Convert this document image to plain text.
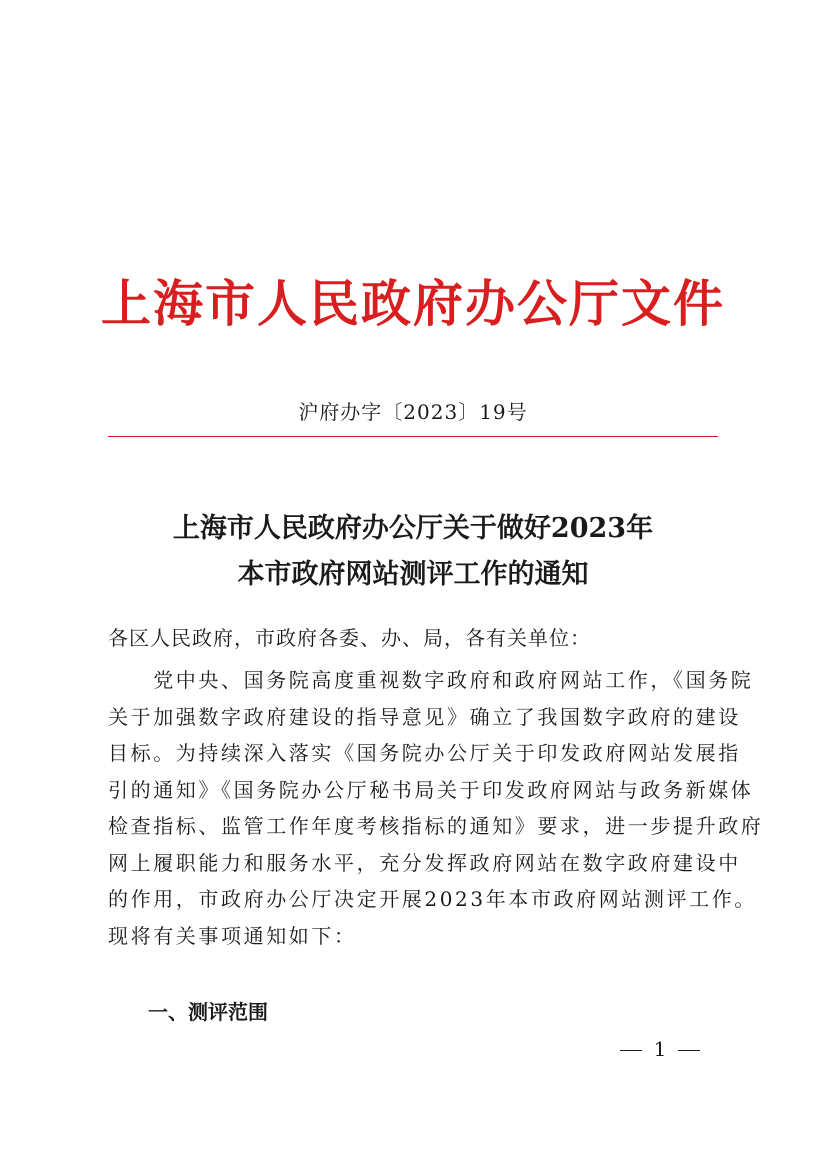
上海市人民政府办公厅文件
沪府办字〔2023〕19号
上海市人民政府办公厅关于做好2023年
本市政府网站测评工作的通知
各区人民政府，市政府各委、办、局，各有关单位：
　　党中央、国务院高度重视数字政府和政府网站工作，《国务院
关于加强数字政府建设的指导意见》确立了我国数字政府的建设
目标。为持续深入落实《国务院办公厅关于印发政府网站发展指
引的通知》《国务院办公厅秘书局关于印发政府网站与政务新媒体
检查指标、监管工作年度考核指标的通知》要求，进一步提升政府
网上履职能力和服务水平，充分发挥政府网站在数字政府建设中
的作用，市政府办公厅决定开展2023年本市政府网站测评工作。
现将有关事项通知如下：
一、测评范围
1
